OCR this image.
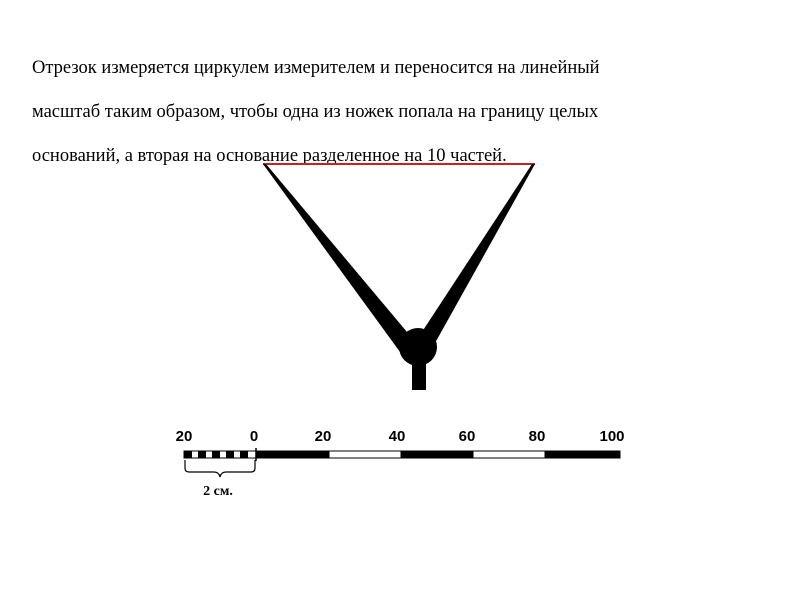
Отрезок измеряется циркулем измерителем и переносится на линейный

масштаб таким образом, чтобы одна из ножек попала на границу целых

оснований, а вторая на основание разделенное на 10 частей.

20	0	20	40	60	80	100
2 см.
